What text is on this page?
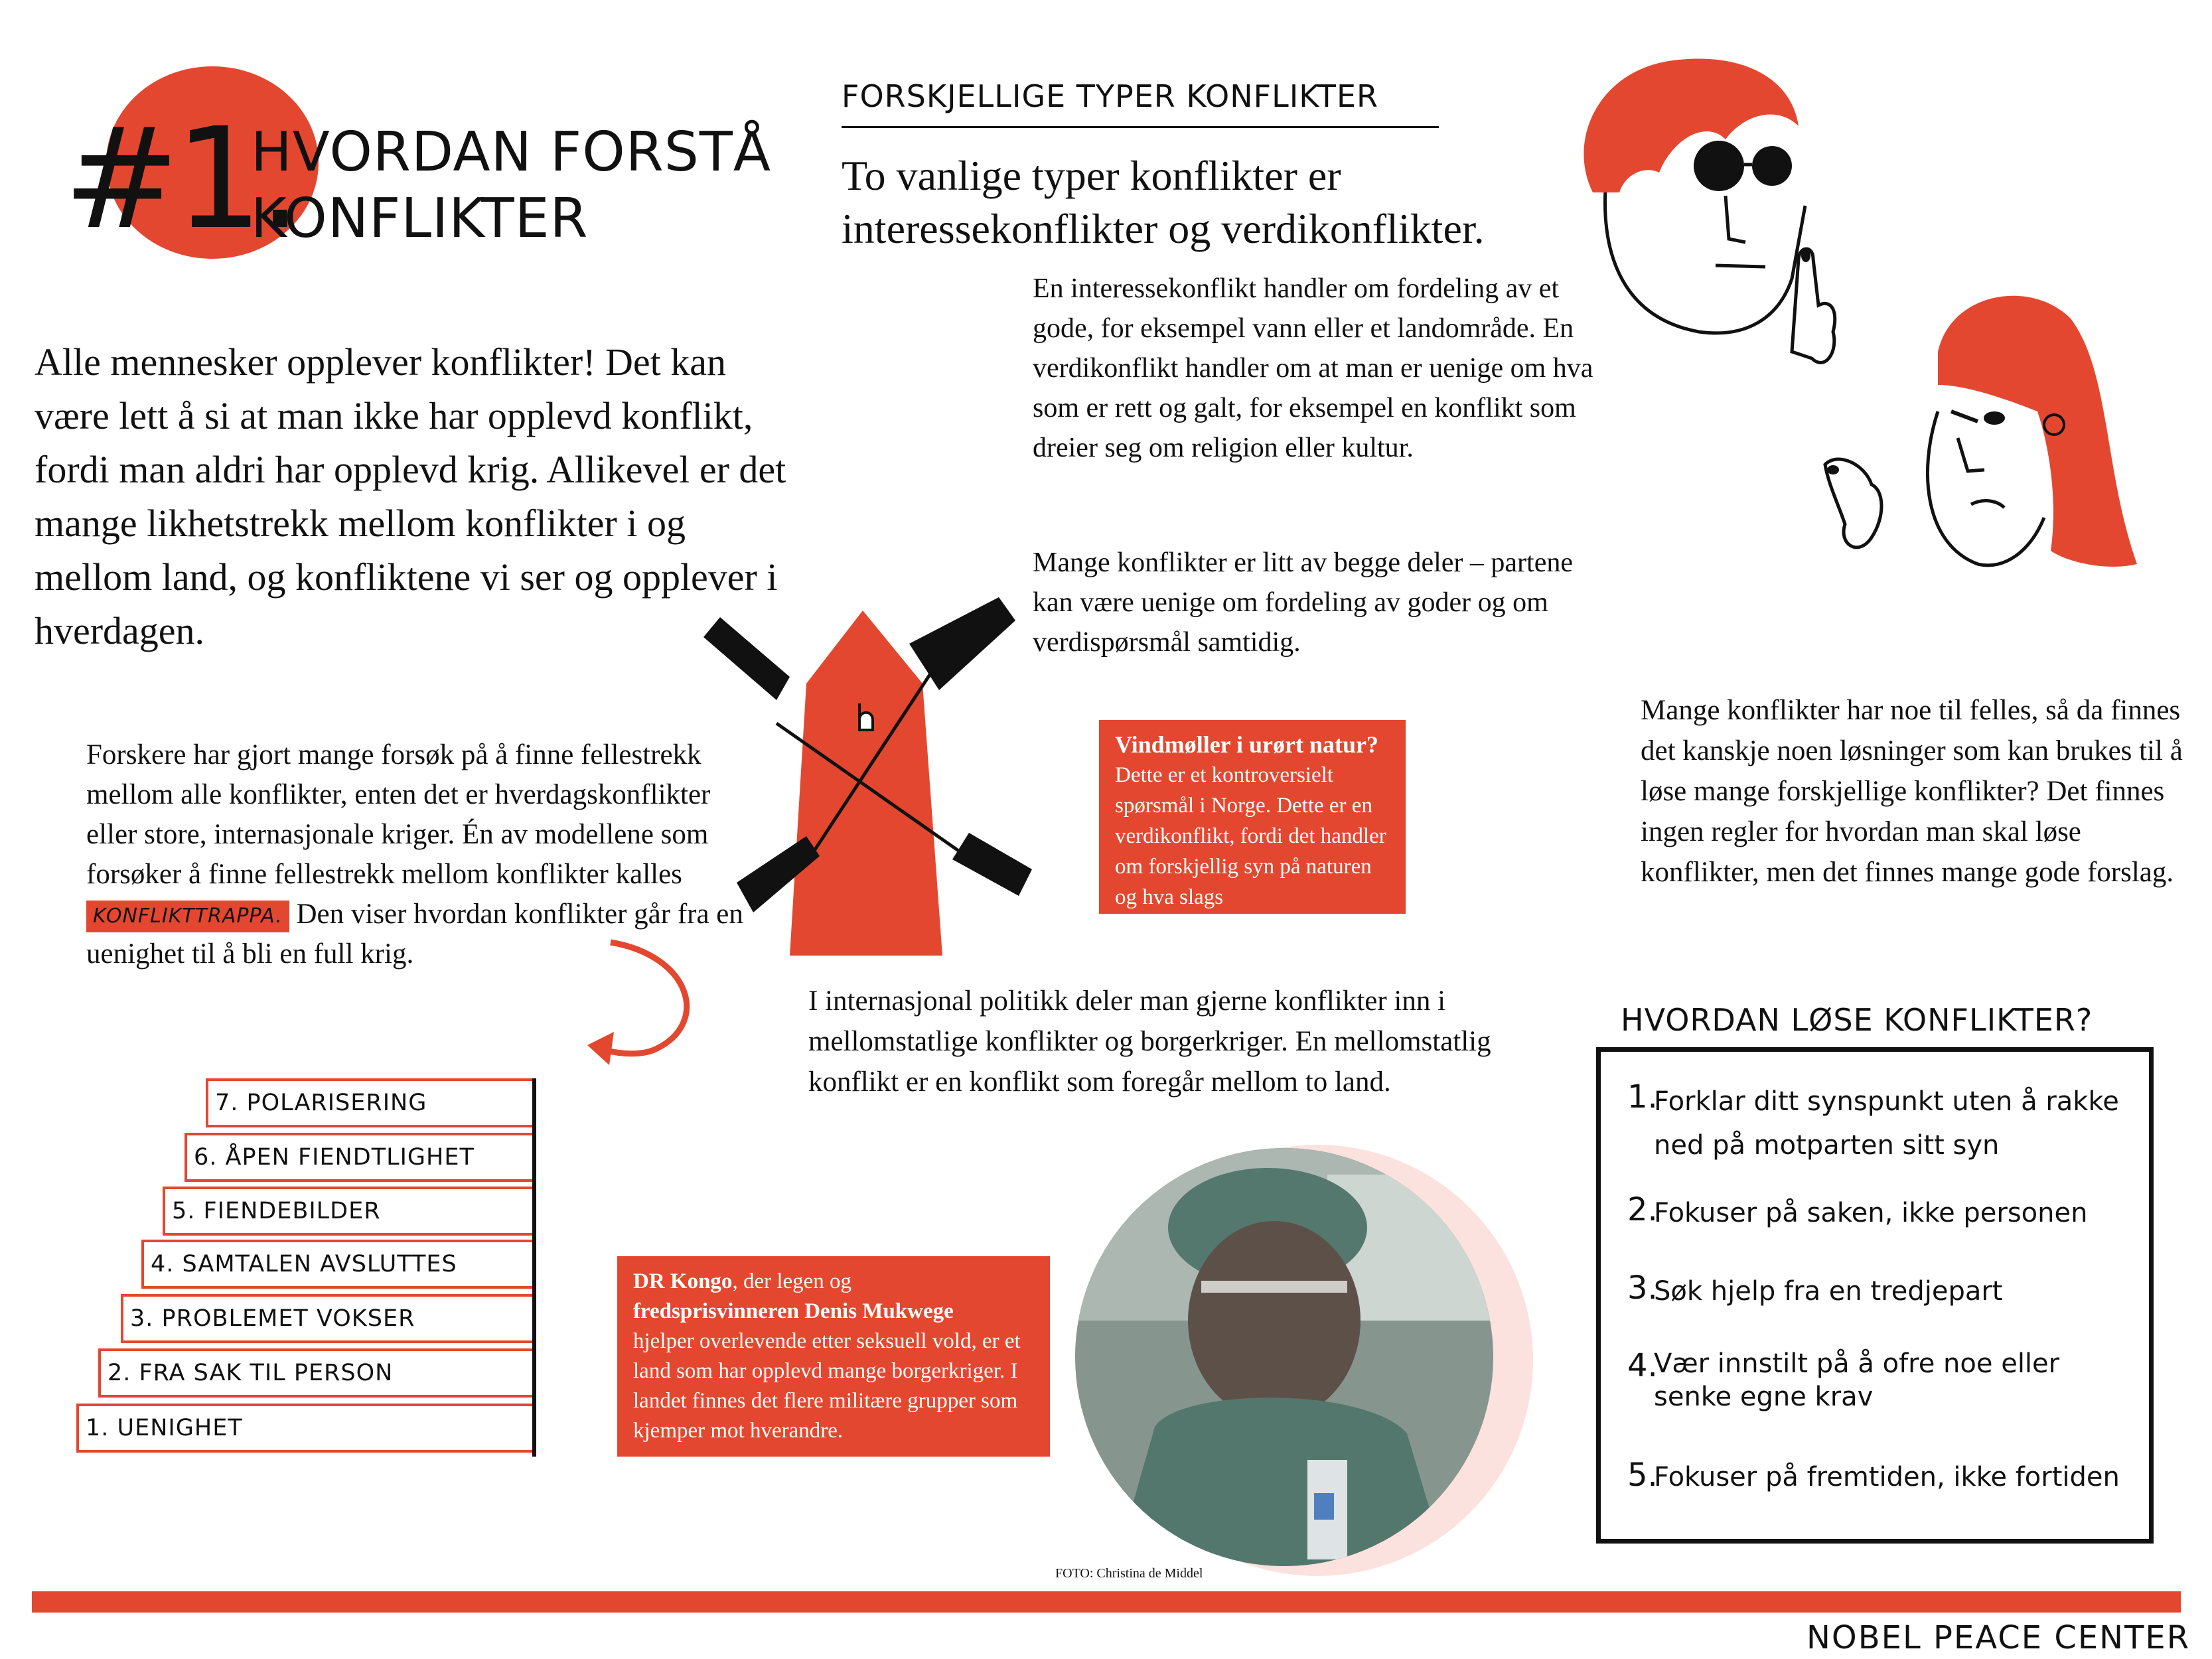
#1.
HVORDAN FORSTÅ
KONFLIKTER
Alle mennesker opplever konflikter! Det kan være lett å si at man ikke har opplevd konflikt, fordi man aldri har opplevd krig. Allikevel er det mange likhetstrekk mellom konflikter i og mellom land, og konfliktene vi ser og opplever i hverdagen.
FORSKJELLIGE TYPER KONFLIKTER
To vanlige typer konflikter er interessekonflikter og verdikonflikter.
En interessekonflikt handler om fordeling av et gode, for eksempel vann eller et landområde. En verdikonflikt handler om at man er uenige om hva som er rett og galt, for eksempel en konflikt som dreier seg om religion eller kultur.
Mange konflikter er litt av begge deler – partene kan være uenige om fordeling av goder og om verdispørsmål samtidig.
Vindmøller i urørt natur?
Dette er et kontroversielt spørsmål i Norge. Dette er en verdikonflikt, fordi det handler om forskjellig syn på naturen og hva slags
Forskere har gjort mange forsøk på å finne fellestrekk mellom alle konflikter, enten det er hverdagskonflikter eller store, internasjonale kriger. Én av modellene som forsøker å finne fellestrekk mellom konflikter kalles KONFLIKTTRAPPA. Den viser hvordan konflikter går fra en uenighet til å bli en full krig.
7. POLARISERING
6. ÅPEN FIENDTLIGHET
5. FIENDEBILDER
4. SAMTALEN AVSLUTTES
3. PROBLEMET VOKSER
2. FRA SAK TIL PERSON
1. UENIGHET
I internasjonal politikk deler man gjerne konflikter inn i mellomstatlige konflikter og borgerkriger. En mellomstatlig konflikt er en konflikt som foregår mellom to land.
DR Kongo, der legen og
fredsprisvinneren Denis Mukwege
hjelper overlevende etter seksuell vold, er et land som har opplevd mange borgerkriger. I landet finnes det flere militære grupper som kjemper mot hverandre.
FOTO: Christina de Middel
Mange konflikter har noe til felles, så da finnes det kanskje noen løsninger som kan brukes til å løse mange forskjellige konflikter? Det finnes ingen regler for hvordan man skal løse konflikter, men det finnes mange gode forslag.
HVORDAN LØSE KONFLIKTER?
1.
Forklar ditt synspunkt uten å rakke ned på motparten sitt syn
2.
Fokuser på saken, ikke personen
3.
Søk hjelp fra en tredjepart
4.
Vær innstilt på å ofre noe eller senke egne krav
5.
Fokuser på fremtiden, ikke fortiden
NOBEL PEACE CENTER
